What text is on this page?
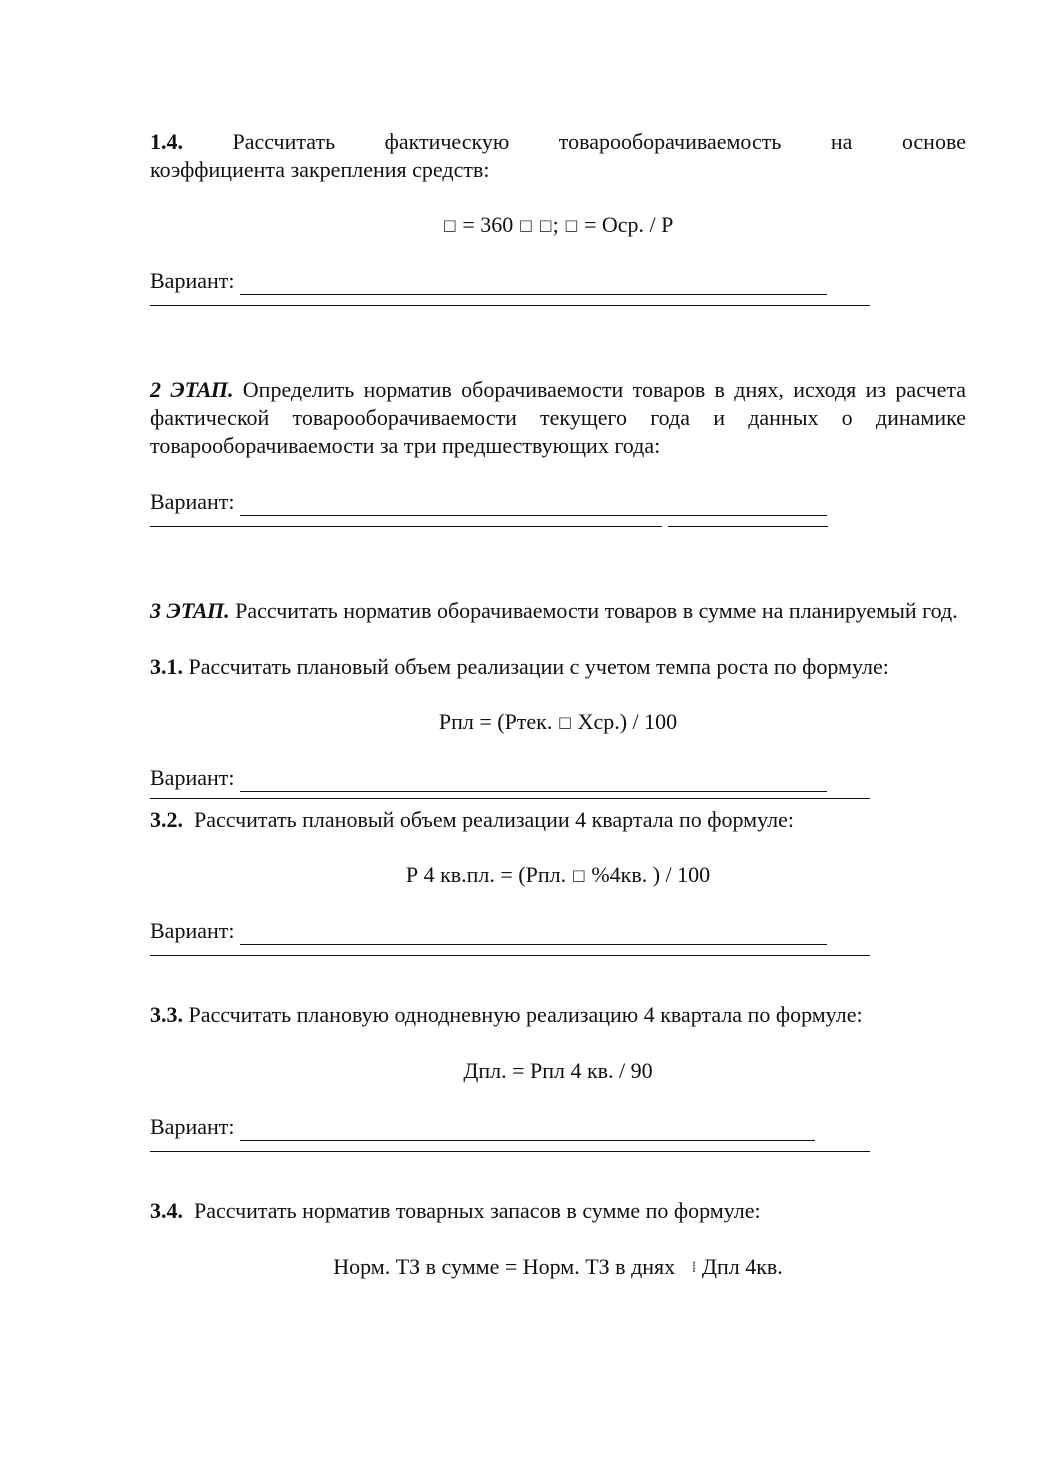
1.4. Рассчитать фактическую товарооборачиваемость на основе

коэффициента закрепления средств:

□ = 360 □ □; □ = Оср. / Р

Вариант:

2 ЭТАП. Определить норматив оборачиваемости товаров в днях, исходя из расчета фактической товарооборачиваемости текущего года и данных о динамике товарооборачиваемости за три предшествующих года:

Вариант:

3 ЭТАП. Рассчитать норматив оборачиваемости товаров в сумме на планируемый год.

3.1. Рассчитать плановый объем реализации с учетом темпа роста по формуле:

Рпл = (Ртек. □ Хср.) / 100

Вариант:

3.2. Рассчитать плановый объем реализации 4 квартала по формуле:

Р 4 кв.пл. = (Рпл. □ %4кв. ) / 100

Вариант:

3.3. Рассчитать плановую однодневную реализацию 4 квартала по формуле:

Дпл. = Рпл 4 кв. / 90

Вариант:

3.4. Рассчитать норматив товарных запасов в сумме по формуле:

Норм. ТЗ в сумме = Норм. ТЗ в днях ⁞ Дпл 4кв.
